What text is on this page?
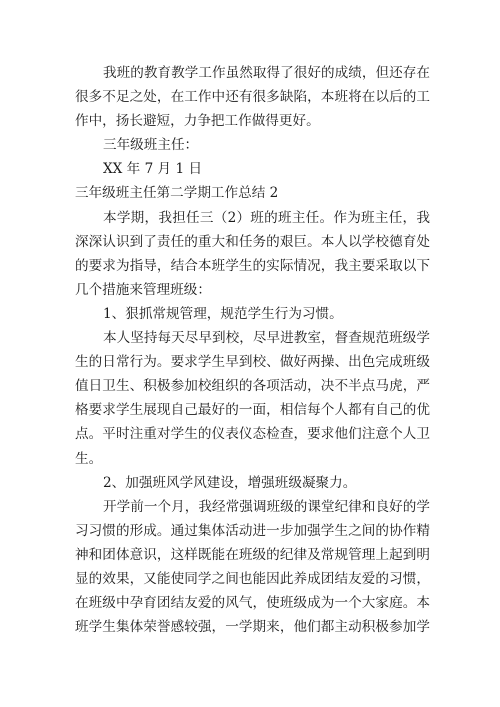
我班的教育教学工作虽然取得了很好的成绩，但还存在
很多不足之处，在工作中还有很多缺陷，本班将在以后的工
作中，扬长避短，力争把工作做得更好。
三年级班主任：
XX 年 7 月 1 日
三年级班主任第二学期工作总结 2
本学期，我担任三（2）班的班主任。作为班主任，我
深深认识到了责任的重大和任务的艰巨。本人以学校德育处
的要求为指导，结合本班学生的实际情况，我主要采取以下
几个措施来管理班级：
1、狠抓常规管理，规范学生行为习惯。
本人坚持每天尽早到校，尽早进教室，督查规范班级学
生的日常行为。要求学生早到校、做好两操、出色完成班级
值日卫生、积极参加校组织的各项活动，决不半点马虎，严
格要求学生展现自己最好的一面，相信每个人都有自己的优
点。平时注重对学生的仪表仪态检查，要求他们注意个人卫
生。
2、加强班风学风建设，增强班级凝聚力。
开学前一个月，我经常强调班级的课堂纪律和良好的学
习习惯的形成。通过集体活动进一步加强学生之间的协作精
神和团体意识，这样既能在班级的纪律及常规管理上起到明
显的效果，又能使同学之间也能因此养成团结友爱的习惯，
在班级中孕育团结友爱的风气，使班级成为一个大家庭。本
班学生集体荣誉感较强，一学期来，他们都主动积极参加学
